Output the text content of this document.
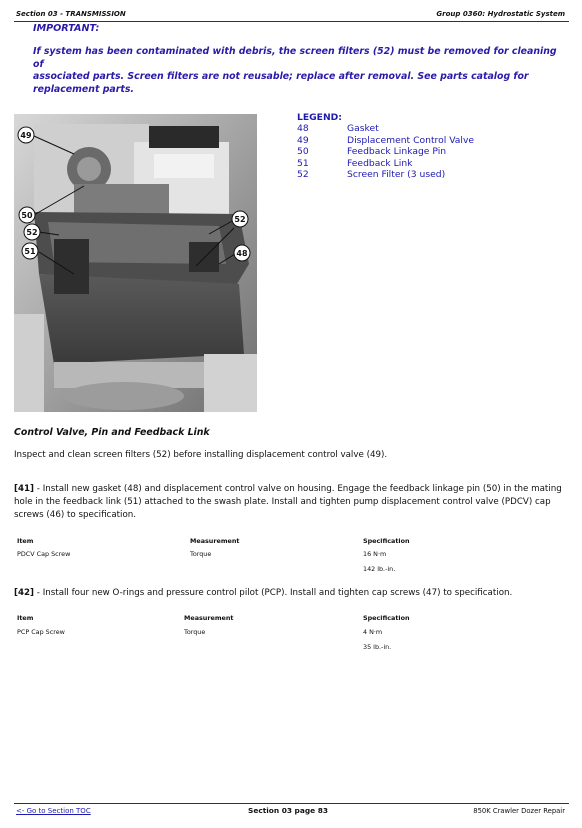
Section 03 - TRANSMISSION	Group 0360: Hydrostatic System
IMPORTANT:
If system has been contaminated with debris, the screen filters (52) must be removed for cleaning of
associated parts. Screen filters are not reusable; replace after removal. See parts catalog for
replacement parts.
49
50
52
51
52
48
LEGEND:
48	Gasket
49	Displacement Control Valve
50	Feedback Linkage Pin
51	Feedback Link
52	Screen Filter (3 used)
Control Valve, Pin and Feedback Link
Inspect and clean screen filters (52) before installing displacement control valve (49).
[41] - Install new gasket (48) and displacement control valve on housing. Engage the feedback linkage pin (50) in the mating
hole in the feedback link (51) attached to the swash plate. Install and tighten pump displacement control valve (PDCV) cap
screws (46) to specification.
Item	Measurement	Specification
PDCV Cap Screw	Torque	16 N·m
142 lb.-in.
[42] - Install four new O-rings and pressure control pilot (PCP). Install and tighten cap screws (47) to specification.
Item	Measurement	Specification
PCP Cap Screw	Torque	4 N·m
35 lb.-in.
<- Go to Section TOC	Section 03 page 83	850K Crawler Dozer Repair
